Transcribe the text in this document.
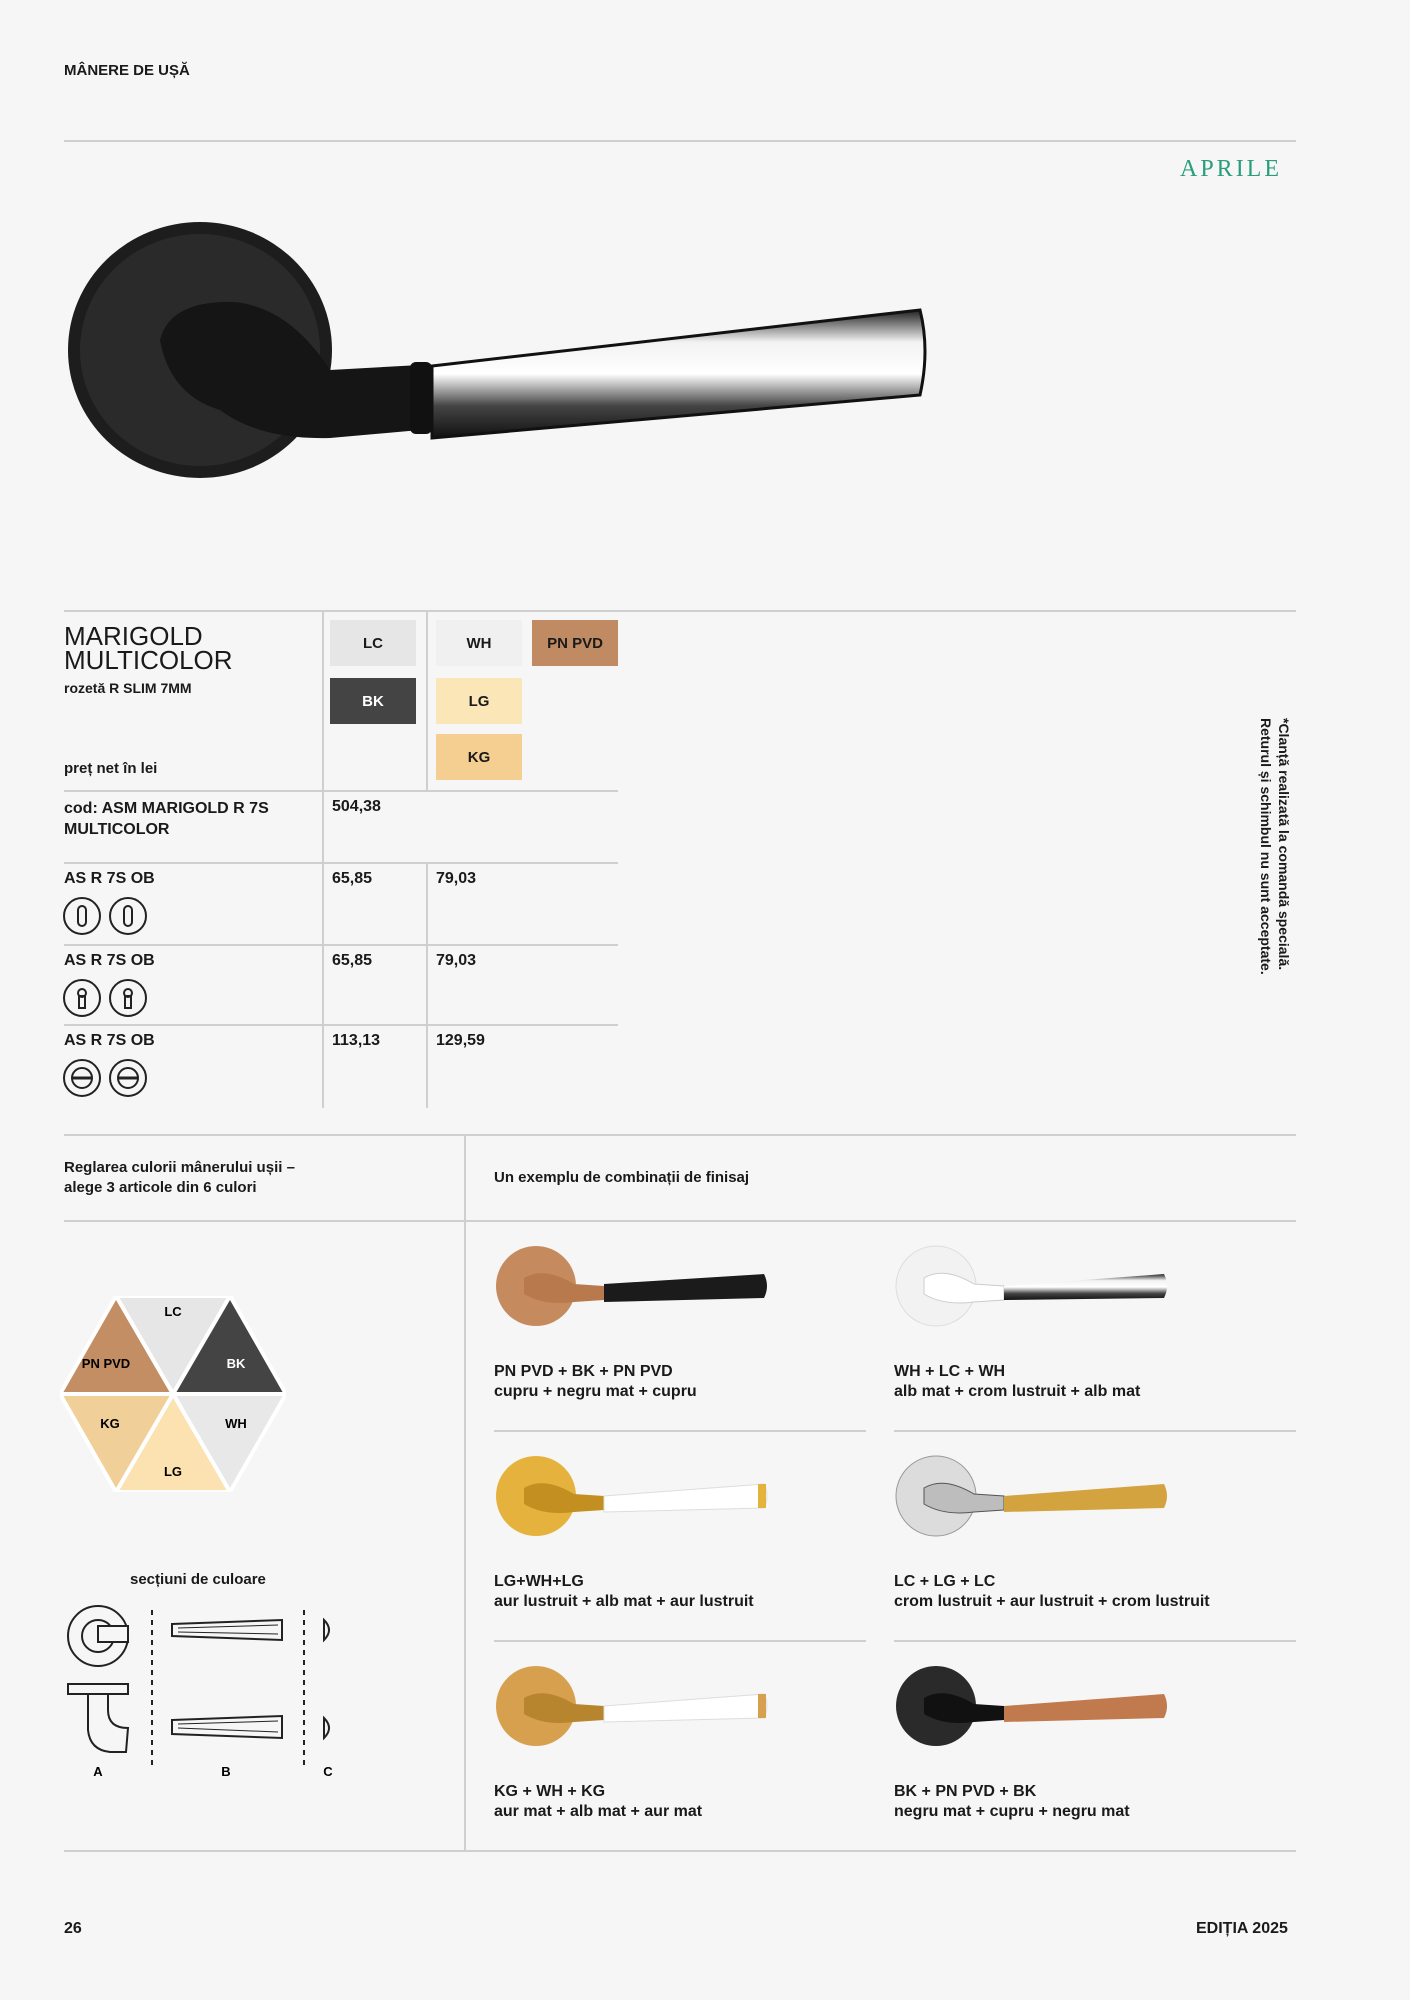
MÂNERE DE UȘĂ
APRILE
MARIGOLD
MULTICOLOR
rozetă R SLIM 7MM
preț net în lei
LC
BK
WH	PN PVD
LG
KG
cod: ASM MARIGOLD R 7S
MULTICOLOR
504,38
AS R 7S OB	65,85	79,03
AS R 7S OB	65,85	79,03
AS R 7S OB	113,13	129,59
*Clanță realizată la comandă specială.
Returul și schimbul nu sunt acceptate.
Reglarea culorii mânerului ușii –
alege 3 articole din 6 culori
Un exemplu de combinații de finisaj
LC
BK
WH
LG
KG
PN PVD
secțiuni de culoare
A	B	C
PN PVD + BK + PN PVD
cupru + negru mat + cupru
WH + LC + WH
alb mat + crom lustruit + alb mat
LG+WH+LG
aur lustruit + alb mat + aur lustruit
LC + LG + LC
crom lustruit + aur lustruit + crom lustruit
KG + WH + KG
aur mat + alb mat + aur mat
BK + PN PVD + BK
negru mat + cupru + negru mat
26	EDIȚIA 2025
